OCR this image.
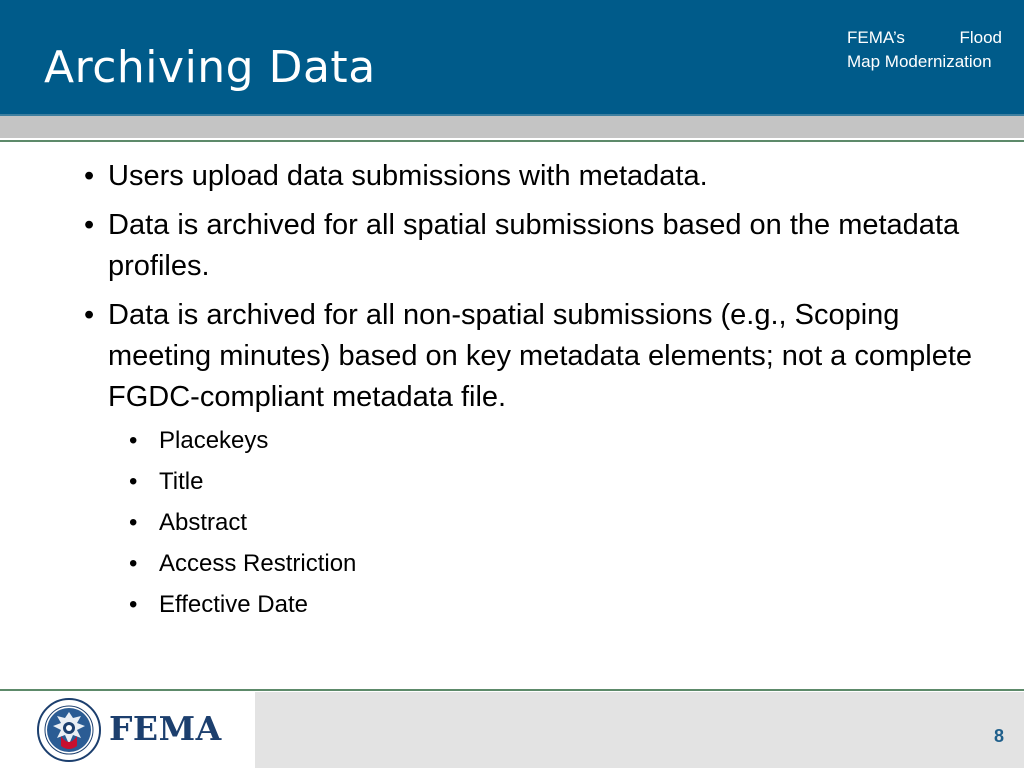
Archiving Data
FEMA’s	Flood
Map Modernization
• Users upload data submissions with metadata.
• Data is archived for all spatial submissions based on the metadata profiles.
• Data is archived for all non-spatial submissions (e.g., Scoping meeting minutes) based on key metadata elements; not a complete FGDC-compliant metadata file.
• Placekeys
• Title
• Abstract
• Access Restriction
• Effective Date
FEMA	8
